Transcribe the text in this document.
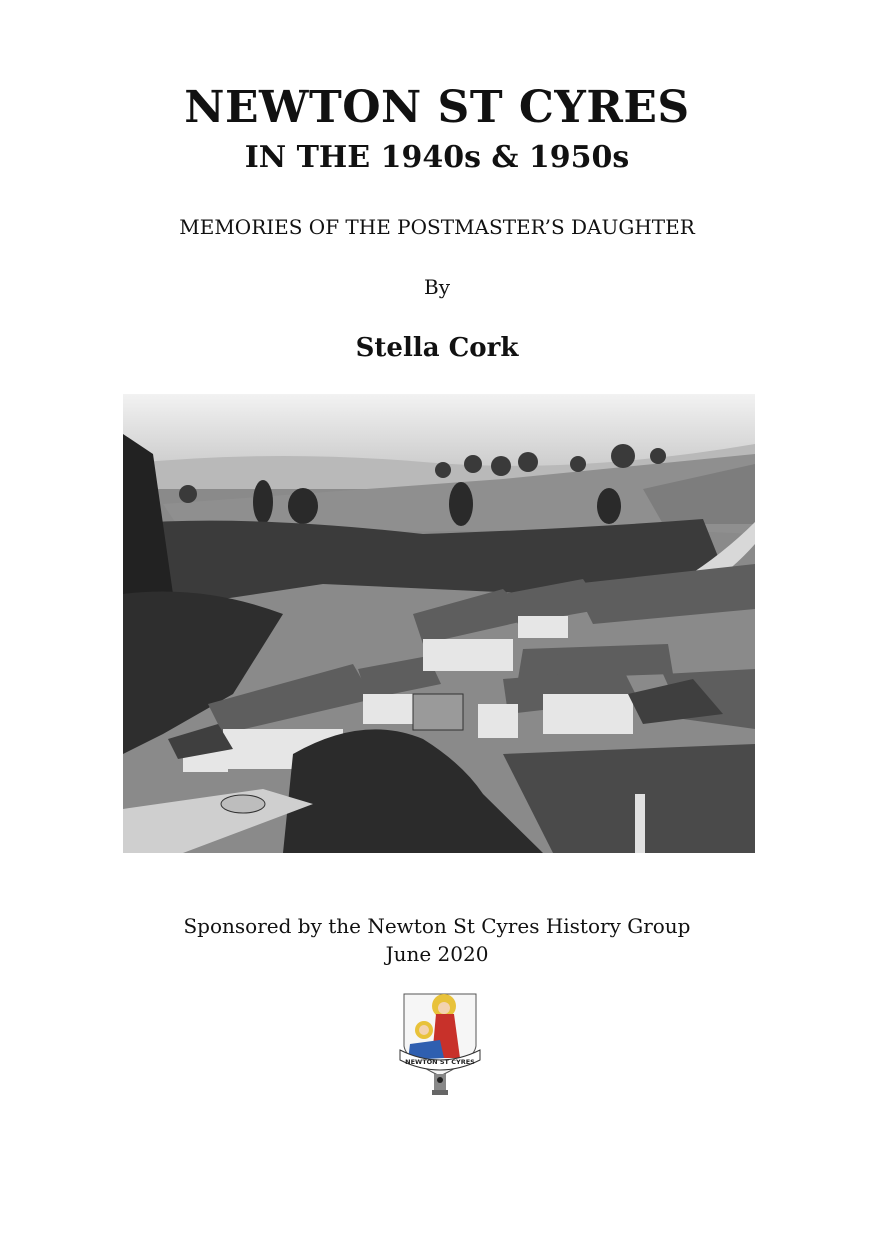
NEWTON ST CYRES
IN THE 1940s & 1950s
MEMORIES OF THE POSTMASTER’S DAUGHTER
By
Stella Cork
Sponsored by the Newton St Cyres History Group
June 2020
NEWTON ST CYRES
